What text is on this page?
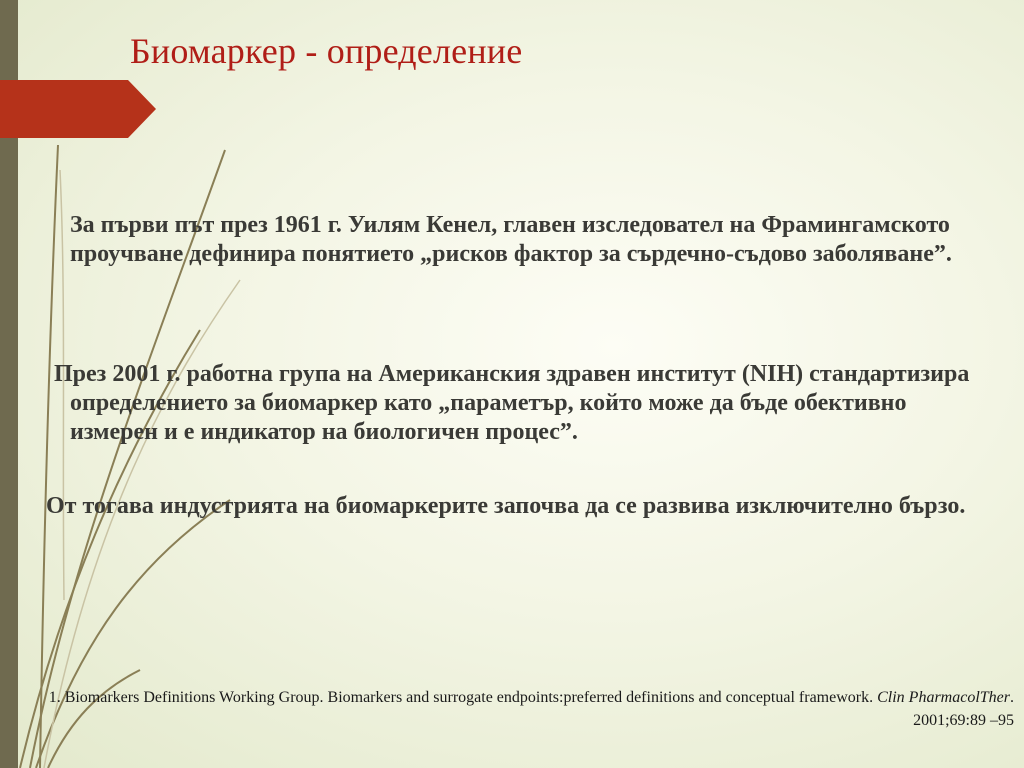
Биомаркер - определение

За първи път през 1961 г. Уилям Кенел, главен изследовател на Фрамингамското проучване дефинира понятието „рисков фактор за сърдечно-съдово заболяване”.

През 2001 г. работна група на Американския здравен институт (NIH) стандартизира определението за биомаркер като „параметър, който може да бъде обективно измерен и е индикатор на биологичен процес”.

От тогава индустрията на биомаркерите започва да се развива изключително бързо.

1. Biomarkers Definitions Working Group. Biomarkers and surrogate endpoints:preferred definitions and conceptual framework. Clin PharmacolTher. 2001;69:89 –95
